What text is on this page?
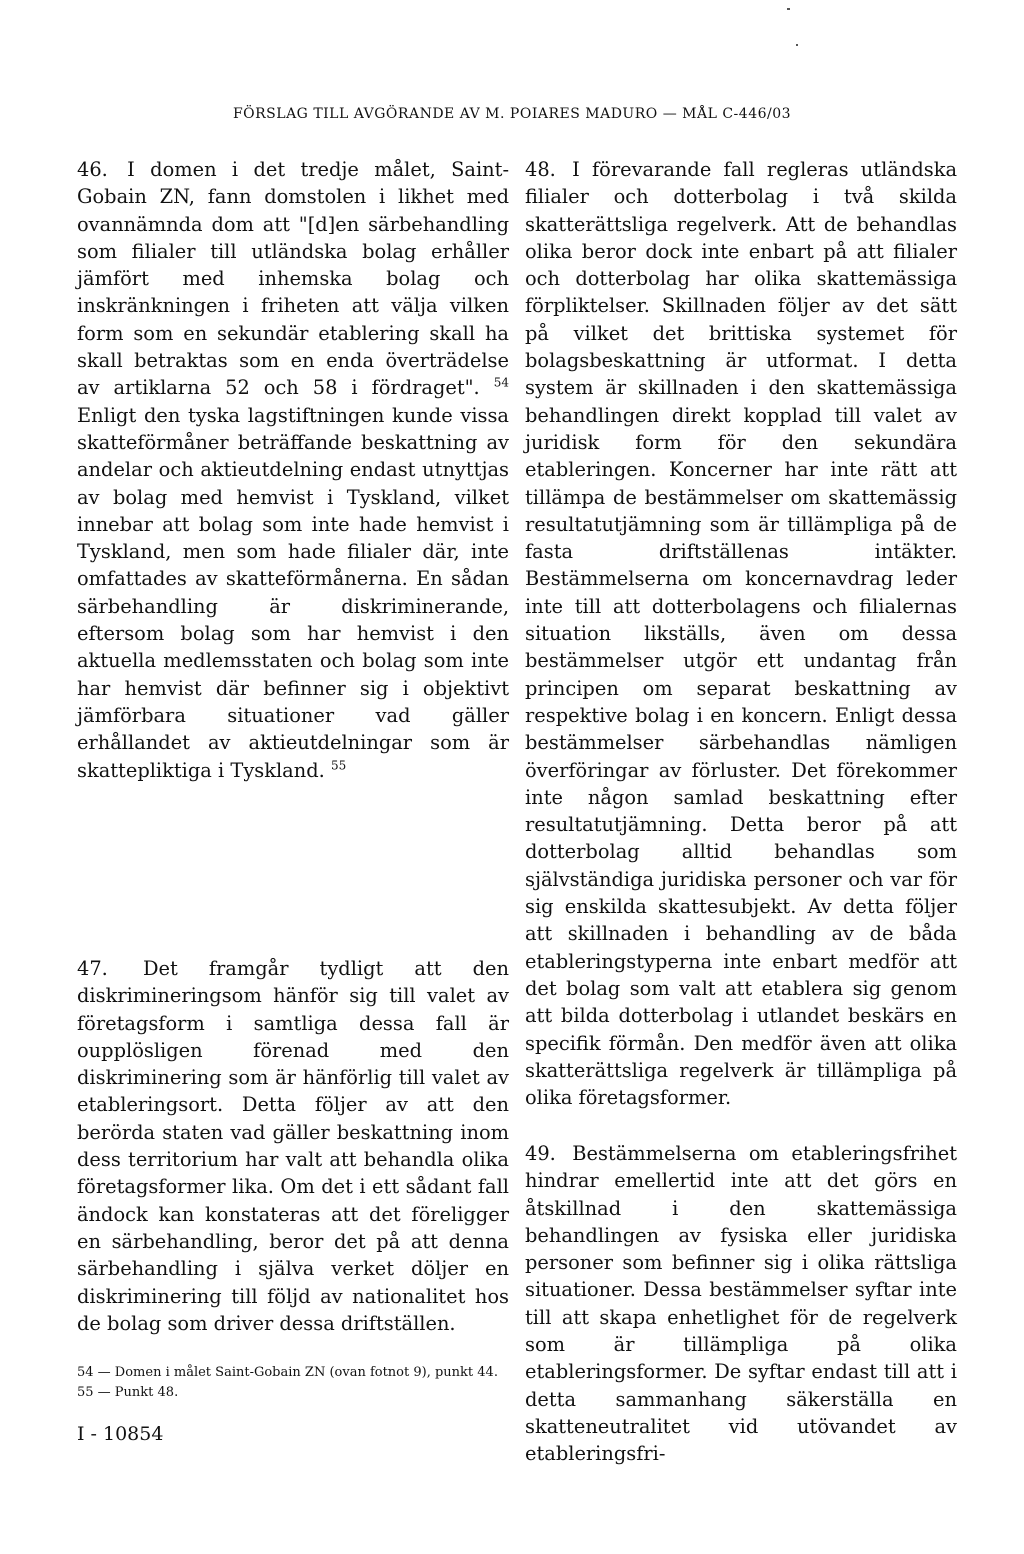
FÖRSLAG TILL AVGÖRANDE AV M. POIARES MADURO — MÅL C-446/03

46. I domen i det tredje målet, Saint-Gobain ZN, fann domstolen i likhet med ovannämnda dom att "[d]en särbehandling som filialer till utländska bolag erhåller jämfört med inhemska bolag och inskränkningen i friheten att välja vilken form som en sekundär etablering skall ha skall betraktas som en enda överträdelse av artiklarna 52 och 58 i fördraget". $^{54}$ Enligt den tyska lagstiftningen kunde vissa skatteförmåner beträffande beskattning av andelar och aktieutdelning endast utnyttjas av bolag med hemvist i Tyskland, vilket innebar att bolag som inte hade hemvist i Tyskland, men som hade filialer där, inte omfattades av skatteförmånerna. En sådan särbehandling är diskriminerande, eftersom bolag som har hemvist i den aktuella medlemsstaten och bolag som inte har hemvist där befinner sig i objektivt jämförbara situationer vad gäller erhållandet av aktieutdelningar som är skattepliktiga i Tyskland. $^{55}$

47. Det framgår tydligt att den diskrimineringsom hänför sig till valet av företagsform i samtliga dessa fall är oupplösligen förenad med den diskriminering som är hänförlig till valet av etableringsort. Detta följer av att den berörda staten vad gäller beskattning inom dess territorium har valt att behandla olika företagsformer lika. Om det i ett sådant fall ändock kan konstateras att det föreligger en särbehandling, beror det på att denna särbehandling i själva verket döljer en diskriminering till följd av nationalitet hos de bolag som driver dessa driftställen.

48. I förevarande fall regleras utländska filialer och dotterbolag i två skilda skatterättsliga regelverk. Att de behandlas olika beror dock inte enbart på att filialer och dotterbolag har olika skattemässiga förpliktelser. Skillnaden följer av det sätt på vilket det brittiska systemet för bolagsbeskattning är utformat. I detta system är skillnaden i den skattemässiga behandlingen direkt kopplad till valet av juridisk form för den sekundära etableringen. Koncerner har inte rätt att tillämpa de bestämmelser om skattemässig resultatutjämning som är tillämpliga på de fasta driftställenas intäkter. Bestämmelserna om koncernavdrag leder inte till att dotterbolagens och filialernas situation likställs, även om dessa bestämmelser utgör ett undantag från principen om separat beskattning av respektive bolag i en koncern. Enligt dessa bestämmelser särbehandlas nämligen överföringar av förluster. Det förekommer inte någon samlad beskattning efter resultatutjämning. Detta beror på att dotterbolag alltid behandlas som självständiga juridiska personer och var för sig enskilda skattesubjekt. Av detta följer att skillnaden i behandling av de båda etableringstyperna inte enbart medför att det bolag som valt att etablera sig genom att bilda dotterbolag i utlandet beskärs en specifik förmån. Den medför även att olika skatterättsliga regelverk är tillämpliga på olika företagsformer.

49. Bestämmelserna om etableringsfrihet hindrar emellertid inte att det görs en åtskillnad i den skattemässiga behandlingen av fysiska eller juridiska personer som befinner sig i olika rättsliga situationer. Dessa bestämmelser syftar inte till att skapa enhetlighet för de regelverk som är tillämpliga på olika etableringsformer. De syftar endast till att i detta sammanhang säkerställa en skatteneutralitet vid utövandet av etableringsfri-

54 — Domen i målet Saint-Gobain ZN (ovan fotnot 9), punkt 44.
55 — Punkt 48.
I - 10854
